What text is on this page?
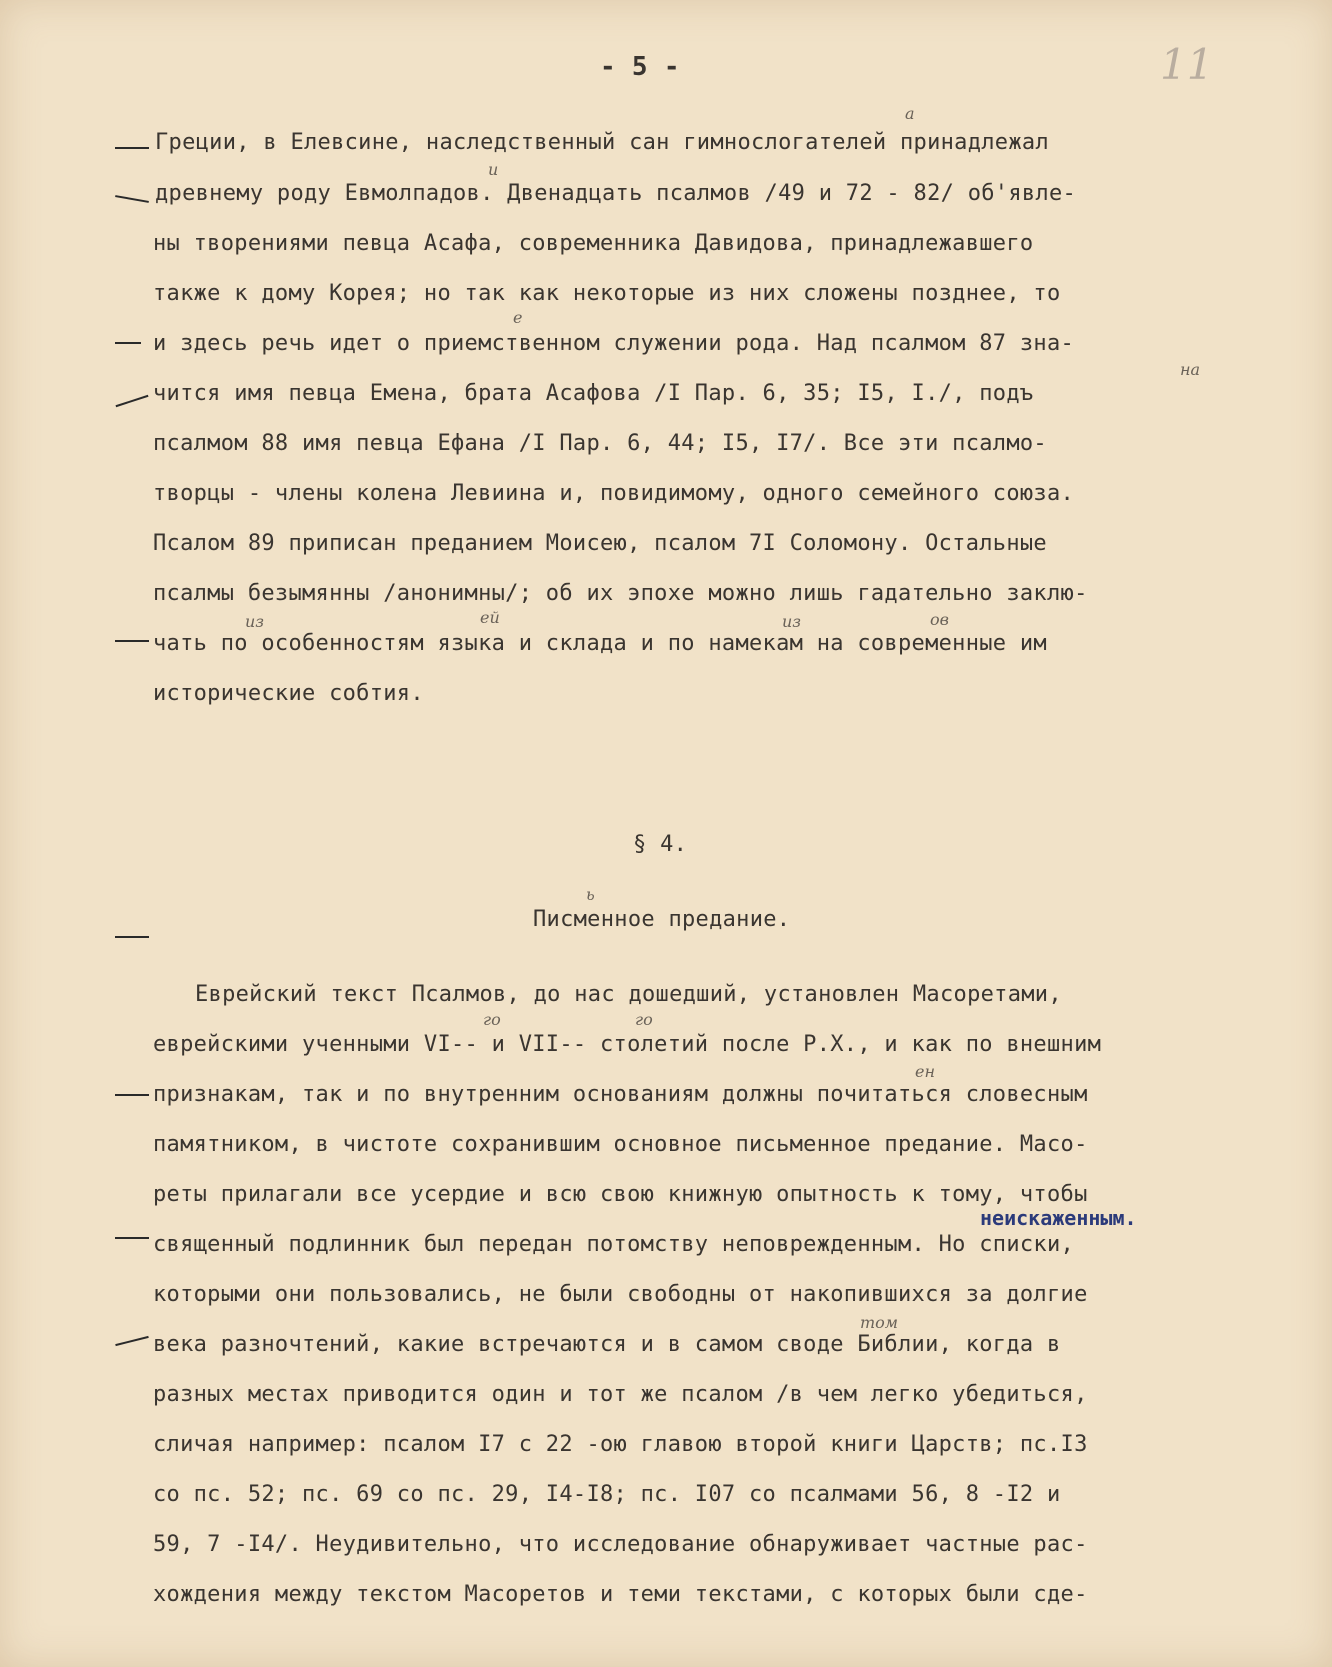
- 5 -	11
Греции, в Елевсине, наследственный сан гимнослогателей принадлежал
древнему роду Евмолпадов. Двенадцать псалмов /49 и 72 - 82/ об'явле-
ны творениями певца Асафа, современника Давидова, принадлежавшего
также к дому Корея; но так как некоторые из них сложены позднее, то
и здесь речь идет о приемственном служении рода. Над псалмом 87 зна-
чится имя певца Емена, брата Асафова /I Пар. 6, 35; I5, I./, подъ
псалмом 88 имя певца Ефана /I Пар. 6, 44; I5, I7/. Все эти псалмо-
творцы - члены колена Левиина и, повидимому, одного семейного союза.
Псалом 89 приписан преданием Моисею, псалом 7I Соломону. Остальные
псалмы безымянны /анонимны/; об их эпохе можно лишь гадательно заклю-
чать по особенностям языка и склада и по намекам на современные им
исторические собтия.
§ 4.
Писменное предание.
Еврейский текст Псалмов, до нас дошедший, установлен Масоретами,
еврейскими ученными VI-- и VII-- столетий после Р.Х., и как по внешним
признакам, так и по внутренним основаниям должны почитаться словесным
памятником, в чистоте сохранившим основное письменное предание. Масо-
реты прилагали все усердие и всю свою книжную опытность к тому, чтобы
священный подлинник был передан потомству неповрежденным. Но списки,
которыми они пользовались, не были свободны от накопившихся за долгие
века разночтений, какие встречаются и в самом своде Библии, когда в
разных местах приводится один и тот же псалом /в чем легко убедиться,
сличая например: псалом I7 с 22 -ою главою второй книги Царств; пс.I3
со пс. 52; пс. 69 со пс. 29, I4-I8; пс. I07 со псалмами 56, 8 -I2 и
59, 7 -I4/. Неудивительно, что исследование обнаруживает частные рас-
хождения между текстом Масоретов и теми текстами, с которых были сде-
неискаженным.
а
и
е
на
из	ей	из	ов
ь
го	го
ен
том
